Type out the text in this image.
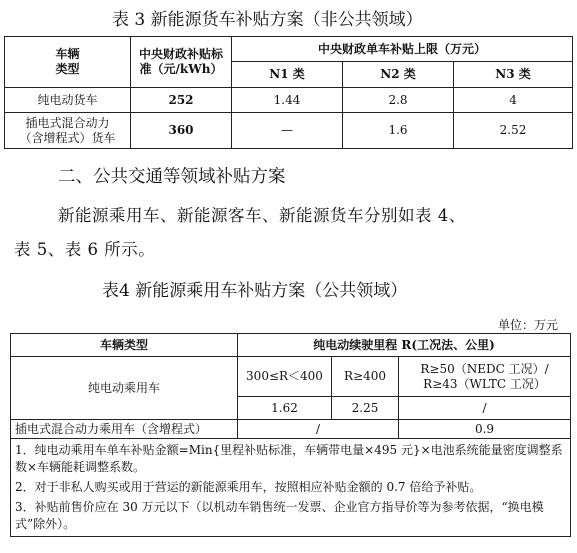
表 3 新能源货车补贴方案（非公共领域）
车辆
类型	中央财政补贴标
准（元/kWh）	中央财政单车补贴上限（万元）		
		N1 类	N2 类	N3 类
纯电动货车	252	1.44	2.8	4
插电式混合动力
（含增程式）货车	360	—	1.6	2.52
二、公共交通等领域补贴方案
新能源乘用车、新能源客车、新能源货车分别如表 4、
表 5、表 6 所示。
表4 新能源乘用车补贴方案（公共领域）
单位：万元
车辆类型	纯电动续驶里程 R(工况法、公里)		
纯电动乘用车	300≤R＜400	R≥400	R≥50（NEDC 工况）/
R≥43（WLTC 工况）

	1.62	2.25	/
插电式混合动力乘用车（含增程式）	/		0.9

1．纯电动乘用车单车补贴金额=Min{里程补贴标准，车辆带电量×495 元}×电池系统能量密度调整系数×车辆能耗调整系数。
2．对于非私人购买或用于营运的新能源乘用车，按照相应补贴金额的 0.7 倍给予补贴。
3．补贴前售价应在 30 万元以下（以机动车销售统一发票、企业官方指导价等为参考依据，“换电模式”除外）。			
